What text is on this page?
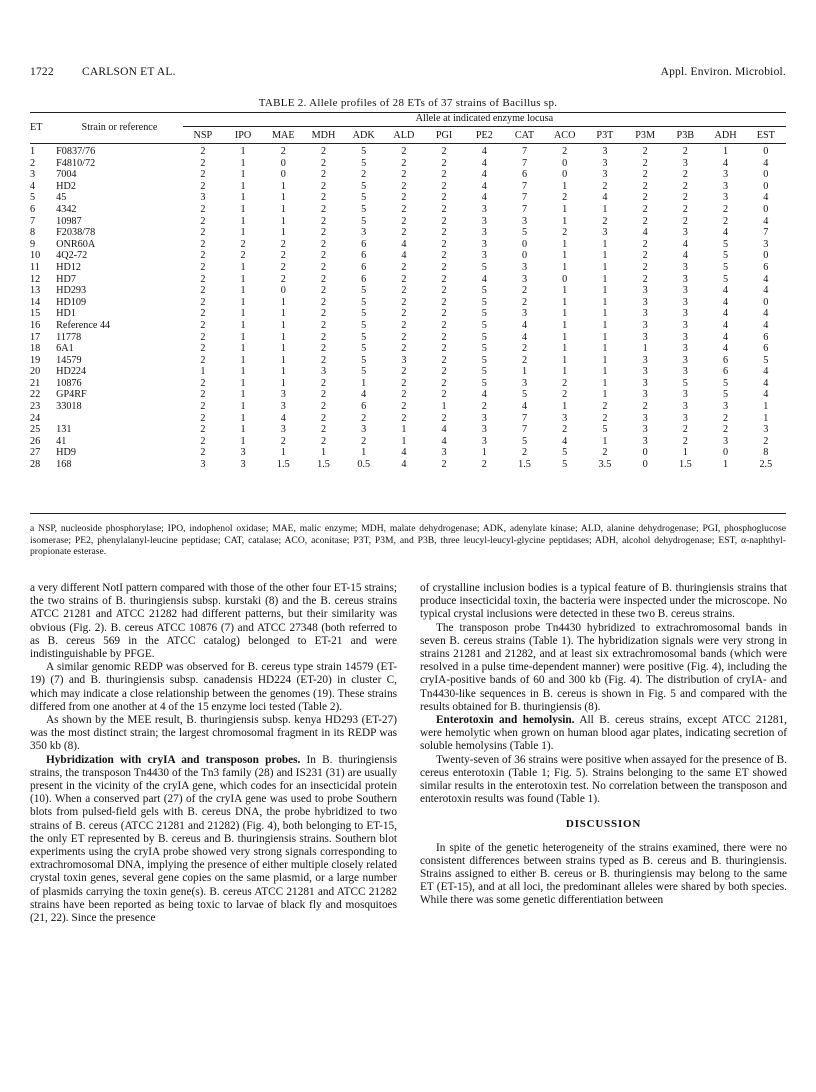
1722 CARLSON ET AL.	Appl. Environ. Microbiol.
TABLE 2. Allele profiles of 28 ETs of 37 strains of Bacillus sp.
ET	Strain or reference	Allele at indicated enzyme locusa														
		NSP	IPO	MAE	MDH	ADK	ALD	PGI	PE2	CAT	ACO	P3T	P3M	P3B	ADH	EST
1	F0837/76	2	1	2	2	5	2	2	4	7	2	3	2	2	1	0
2	F4810/72	2	1	0	2	5	2	2	4	7	0	3	2	3	4	4
3	7004	2	1	0	2	2	2	2	4	6	0	3	2	2	3	0
4	HD2	2	1	1	2	5	2	2	4	7	1	2	2	2	3	0
5	45	3	1	1	2	5	2	2	4	7	2	4	2	2	3	4
6	4342	2	1	1	2	5	2	2	3	7	1	1	2	2	2	0
7	10987	2	1	1	2	5	2	2	3	3	1	2	2	2	2	4
8	F2038/78	2	1	1	2	3	2	2	3	5	2	3	4	3	4	7
9	ONR60A	2	2	2	2	6	4	2	3	0	1	1	2	4	5	3
10	4Q2-72	2	2	2	2	6	4	2	3	0	1	1	2	4	5	0
11	HD12	2	1	2	2	6	2	2	5	3	1	1	2	3	5	6
12	HD7	2	1	2	2	6	2	2	4	3	0	1	2	3	5	4
13	HD293	2	1	0	2	5	2	2	5	2	1	1	3	3	4	4
14	HD109	2	1	1	2	5	2	2	5	2	1	1	3	3	4	0
15	HD1	2	1	1	2	5	2	2	5	3	1	1	3	3	4	4
16	Reference 44	2	1	1	2	5	2	2	5	4	1	1	3	3	4	4
17	11778	2	1	1	2	5	2	2	5	4	1	1	3	3	4	6
18	6A1	2	1	1	2	5	2	2	5	2	1	1	1	3	4	6
19	14579	2	1	1	2	5	3	2	5	2	1	1	3	3	6	5
20	HD224	1	1	1	3	5	2	2	5	1	1	1	3	3	6	4
21	10876	2	1	1	2	1	2	2	5	3	2	1	3	5	5	4
22	GP4RF	2	1	3	2	4	2	2	4	5	2	1	3	3	5	4
23	33018	2	1	3	2	6	2	1	2	4	1	2	2	3	3	1
24		2	1	4	2	2	2	2	3	7	3	2	3	3	2	1
25	131	2	1	3	2	3	1	4	3	7	2	5	3	2	2	3
26	41	2	1	2	2	2	1	4	3	5	4	1	3	2	3	2
27	HD9	2	3	1	1	1	4	3	1	2	5	2	0	1	0	8
28	168	3	3	1.5	1.5	0.5	4	2	2	1.5	5	3.5	0	1.5	1	2.5
a NSP, nucleoside phosphorylase; IPO, indophenol oxidase; MAE, malic enzyme; MDH, malate dehydrogenase; ADK, adenylate kinase; ALD, alanine dehydrogenase; PGI, phosphoglucose isomerase; PE2, phenylalanyl-leucine peptidase; CAT, catalase; ACO, aconitase; P3T, P3M, and P3B, three leucyl-leucyl-glycine peptidases; ADH, alcohol dehydrogenase; EST, α-naphthyl-propionate esterase.

a very different NotI pattern compared with those of the other four ET-15 strains; the two strains of B. thuringiensis subsp. kurstaki (8) and the B. cereus strains ATCC 21281 and ATCC 21282 had different patterns, but their similarity was obvious (Fig. 2). B. cereus ATCC 10876 (7) and ATCC 27348 (both referred to as B. cereus 569 in the ATCC catalog) belonged to ET-21 and were indistinguishable by PFGE.

A similar genomic REDP was observed for B. cereus type strain 14579 (ET-19) (7) and B. thuringiensis subsp. canadensis HD224 (ET-20) in cluster C, which may indicate a close relationship between the genomes (19). These strains differed from one another at 4 of the 15 enzyme loci tested (Table 2).

As shown by the MEE result, B. thuringiensis subsp. kenya HD293 (ET-27) was the most distinct strain; the largest chromosomal fragment in its REDP was 350 kb (8).

Hybridization with cryIA and transposon probes. In B. thuringiensis strains, the transposon Tn4430 of the Tn3 family (28) and IS231 (31) are usually present in the vicinity of the cryIA gene, which codes for an insecticidal protein (10). When a conserved part (27) of the cryIA gene was used to probe Southern blots from pulsed-field gels with B. cereus DNA, the probe hybridized to two strains of B. cereus (ATCC 21281 and 21282) (Fig. 4), both belonging to ET-15, the only ET represented by B. cereus and B. thuringiensis strains. Southern blot experiments using the cryIA probe showed very strong signals corresponding to extrachromosomal DNA, implying the presence of either multiple closely related crystal toxin genes, several gene copies on the same plasmid, or a large number of plasmids carrying the toxin gene(s). B. cereus ATCC 21281 and ATCC 21282 strains have been reported as being toxic to larvae of black fly and mosquitoes (21, 22). Since the presence

of crystalline inclusion bodies is a typical feature of B. thuringiensis strains that produce insecticidal toxin, the bacteria were inspected under the microscope. No typical crystal inclusions were detected in these two B. cereus strains.

The transposon probe Tn4430 hybridized to extrachromosomal bands in seven B. cereus strains (Table 1). The hybridization signals were very strong in strains 21281 and 21282, and at least six extrachromosomal bands (which were resolved in a pulse time-dependent manner) were positive (Fig. 4), including the cryIA-positive bands of 60 and 300 kb (Fig. 4). The distribution of cryIA- and Tn4430-like sequences in B. cereus is shown in Fig. 5 and compared with the results obtained for B. thuringiensis (8).

Enterotoxin and hemolysin. All B. cereus strains, except ATCC 21281, were hemolytic when grown on human blood agar plates, indicating secretion of soluble hemolysins (Table 1).

Twenty-seven of 36 strains were positive when assayed for the presence of B. cereus enterotoxin (Table 1; Fig. 5). Strains belonging to the same ET showed similar results in the enterotoxin test. No correlation between the transposon and enterotoxin results was found (Table 1).

DISCUSSION

In spite of the genetic heterogeneity of the strains examined, there were no consistent differences between strains typed as B. cereus and B. thuringiensis. Strains assigned to either B. cereus or B. thuringiensis may belong to the same ET (ET-15), and at all loci, the predominant alleles were shared by both species. While there was some genetic differentiation between
